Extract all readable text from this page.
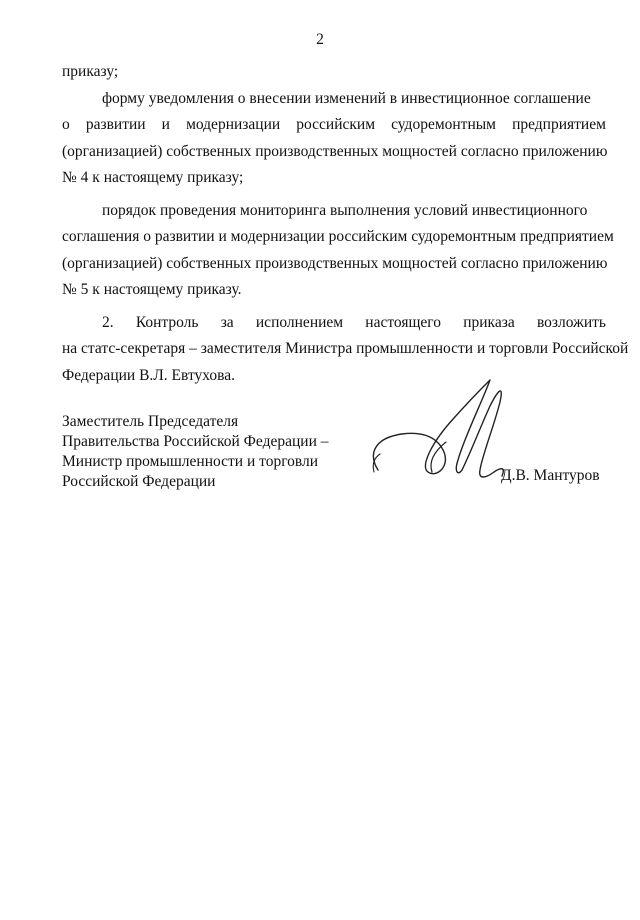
2
приказу;
форму уведомления о внесении изменений в инвестиционное соглашение
о развитии и модернизации российским судоремонтным предприятием
(организацией) собственных производственных мощностей согласно приложению
№ 4 к настоящему приказу;
порядок проведения мониторинга выполнения условий инвестиционного
соглашения о развитии и модернизации российским судоремонтным предприятием
(организацией) собственных производственных мощностей согласно приложению
№ 5 к настоящему приказу.
2. Контроль за исполнением настоящего приказа возложить
на статс-секретаря – заместителя Министра промышленности и торговли Российской
Федерации В.Л. Евтухова.
Заместитель Председателя
Правительства Российской Федерации –
Министр промышленности и торговли
Российской Федерации	Д.В. Мантуров
